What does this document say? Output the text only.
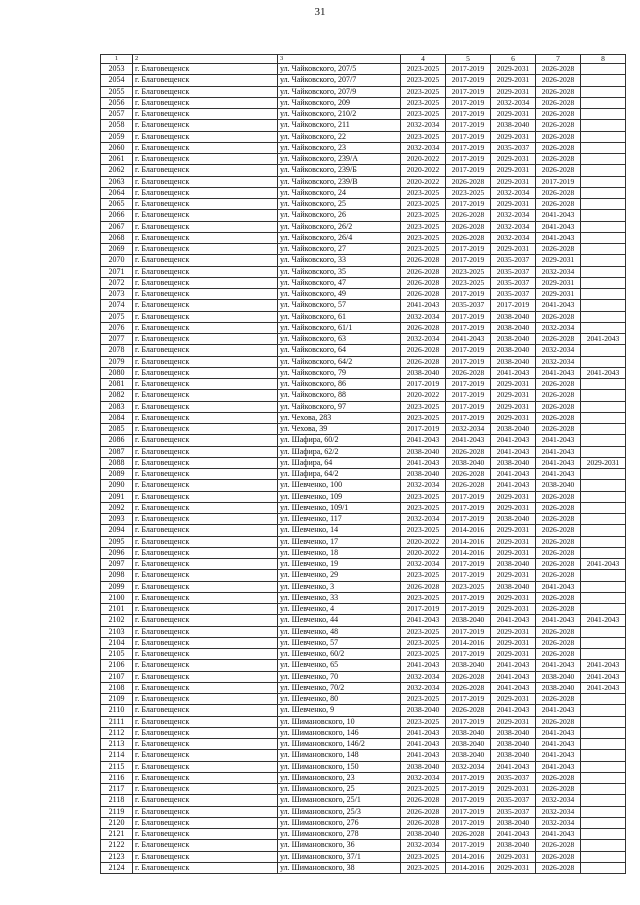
31
1	2	3	4	5	6	7	8
2053	г. Благовещенск	ул. Чайковского, 207/5	2023-2025	2017-2019	2029-2031	2026-2028	
2054	г. Благовещенск	ул. Чайковского, 207/7	2023-2025	2017-2019	2029-2031	2026-2028	
2055	г. Благовещенск	ул. Чайковского, 207/9	2023-2025	2017-2019	2029-2031	2026-2028	
2056	г. Благовещенск	ул. Чайковского, 209	2023-2025	2017-2019	2032-2034	2026-2028	
2057	г. Благовещенск	ул. Чайковского, 210/2	2023-2025	2017-2019	2029-2031	2026-2028	
2058	г. Благовещенск	ул. Чайковского, 211	2032-2034	2017-2019	2038-2040	2026-2028	
2059	г. Благовещенск	ул. Чайковского, 22	2023-2025	2017-2019	2029-2031	2026-2028	
2060	г. Благовещенск	ул. Чайковского, 23	2032-2034	2017-2019	2035-2037	2026-2028	
2061	г. Благовещенск	ул. Чайковского, 239/А	2020-2022	2017-2019	2029-2031	2026-2028	
2062	г. Благовещенск	ул. Чайковского, 239/Б	2020-2022	2017-2019	2029-2031	2026-2028	
2063	г. Благовещенск	ул. Чайковского, 239/В	2020-2022	2026-2028	2029-2031	2017-2019	
2064	г. Благовещенск	ул. Чайковского, 24	2023-2025	2023-2025	2032-2034	2026-2028	
2065	г. Благовещенск	ул. Чайковского, 25	2023-2025	2017-2019	2029-2031	2026-2028	
2066	г. Благовещенск	ул. Чайковского, 26	2023-2025	2026-2028	2032-2034	2041-2043	
2067	г. Благовещенск	ул. Чайковского, 26/2	2023-2025	2026-2028	2032-2034	2041-2043	
2068	г. Благовещенск	ул. Чайковского, 26/4	2023-2025	2026-2028	2032-2034	2041-2043	
2069	г. Благовещенск	ул. Чайковского, 27	2023-2025	2017-2019	2029-2031	2026-2028	
2070	г. Благовещенск	ул. Чайковского, 33	2026-2028	2017-2019	2035-2037	2029-2031	
2071	г. Благовещенск	ул. Чайковского, 35	2026-2028	2023-2025	2035-2037	2032-2034	
2072	г. Благовещенск	ул. Чайковского, 47	2026-2028	2023-2025	2035-2037	2029-2031	
2073	г. Благовещенск	ул. Чайковского, 49	2026-2028	2017-2019	2035-2037	2029-2031	
2074	г. Благовещенск	ул. Чайковского, 57	2041-2043	2035-2037	2017-2019	2041-2043	
2075	г. Благовещенск	ул. Чайковского, 61	2032-2034	2017-2019	2038-2040	2026-2028	
2076	г. Благовещенск	ул. Чайковского, 61/1	2026-2028	2017-2019	2038-2040	2032-2034	
2077	г. Благовещенск	ул. Чайковского, 63	2032-2034	2041-2043	2038-2040	2026-2028	2041-2043
2078	г. Благовещенск	ул. Чайковского, 64	2026-2028	2017-2019	2038-2040	2032-2034	
2079	г. Благовещенск	ул. Чайковского, 64/2	2026-2028	2017-2019	2038-2040	2032-2034	
2080	г. Благовещенск	ул. Чайковского, 79	2038-2040	2026-2028	2041-2043	2041-2043	2041-2043
2081	г. Благовещенск	ул. Чайковского, 86	2017-2019	2017-2019	2029-2031	2026-2028	
2082	г. Благовещенск	ул. Чайковского, 88	2020-2022	2017-2019	2029-2031	2026-2028	
2083	г. Благовещенск	ул. Чайковского, 97	2023-2025	2017-2019	2029-2031	2026-2028	
2084	г. Благовещенск	ул. Чехова, 283	2023-2025	2017-2019	2029-2031	2026-2028	
2085	г. Благовещенск	ул. Чехова, 39	2017-2019	2032-2034	2038-2040	2026-2028	
2086	г. Благовещенск	ул. Шафира, 60/2	2041-2043	2041-2043	2041-2043	2041-2043	
2087	г. Благовещенск	ул. Шафира, 62/2	2038-2040	2026-2028	2041-2043	2041-2043	
2088	г. Благовещенск	ул. Шафира, 64	2041-2043	2038-2040	2038-2040	2041-2043	2029-2031
2089	г. Благовещенск	ул. Шафира, 64/2	2038-2040	2026-2028	2041-2043	2041-2043	
2090	г. Благовещенск	ул. Шевченко, 100	2032-2034	2026-2028	2041-2043	2038-2040	
2091	г. Благовещенск	ул. Шевченко, 109	2023-2025	2017-2019	2029-2031	2026-2028	
2092	г. Благовещенск	ул. Шевченко, 109/1	2023-2025	2017-2019	2029-2031	2026-2028	
2093	г. Благовещенск	ул. Шевченко, 117	2032-2034	2017-2019	2038-2040	2026-2028	
2094	г. Благовещенск	ул. Шевченко, 14	2023-2025	2014-2016	2029-2031	2026-2028	
2095	г. Благовещенск	ул. Шевченко, 17	2020-2022	2014-2016	2029-2031	2026-2028	
2096	г. Благовещенск	ул. Шевченко, 18	2020-2022	2014-2016	2029-2031	2026-2028	
2097	г. Благовещенск	ул. Шевченко, 19	2032-2034	2017-2019	2038-2040	2026-2028	2041-2043
2098	г. Благовещенск	ул. Шевченко, 29	2023-2025	2017-2019	2029-2031	2026-2028	
2099	г. Благовещенск	ул. Шевченко, 3	2026-2028	2023-2025	2038-2040	2041-2043	
2100	г. Благовещенск	ул. Шевченко, 33	2023-2025	2017-2019	2029-2031	2026-2028	
2101	г. Благовещенск	ул. Шевченко, 4	2017-2019	2017-2019	2029-2031	2026-2028	
2102	г. Благовещенск	ул. Шевченко, 44	2041-2043	2038-2040	2041-2043	2041-2043	2041-2043
2103	г. Благовещенск	ул. Шевченко, 48	2023-2025	2017-2019	2029-2031	2026-2028	
2104	г. Благовещенск	ул. Шевченко, 57	2023-2025	2014-2016	2029-2031	2026-2028	
2105	г. Благовещенск	ул. Шевченко, 60/2	2023-2025	2017-2019	2029-2031	2026-2028	
2106	г. Благовещенск	ул. Шевченко, 65	2041-2043	2038-2040	2041-2043	2041-2043	2041-2043
2107	г. Благовещенск	ул. Шевченко, 70	2032-2034	2026-2028	2041-2043	2038-2040	2041-2043
2108	г. Благовещенск	ул. Шевченко, 70/2	2032-2034	2026-2028	2041-2043	2038-2040	2041-2043
2109	г. Благовещенск	ул. Шевченко, 80	2023-2025	2017-2019	2029-2031	2026-2028	
2110	г. Благовещенск	ул. Шевченко, 9	2038-2040	2026-2028	2041-2043	2041-2043	
2111	г. Благовещенск	ул. Шимановского, 10	2023-2025	2017-2019	2029-2031	2026-2028	
2112	г. Благовещенск	ул. Шимановского, 146	2041-2043	2038-2040	2038-2040	2041-2043	
2113	г. Благовещенск	ул. Шимановского, 146/2	2041-2043	2038-2040	2038-2040	2041-2043	
2114	г. Благовещенск	ул. Шимановского, 148	2041-2043	2038-2040	2038-2040	2041-2043	
2115	г. Благовещенск	ул. Шимановского, 150	2038-2040	2032-2034	2041-2043	2041-2043	
2116	г. Благовещенск	ул. Шимановского, 23	2032-2034	2017-2019	2035-2037	2026-2028	
2117	г. Благовещенск	ул. Шимановского, 25	2023-2025	2017-2019	2029-2031	2026-2028	
2118	г. Благовещенск	ул. Шимановского, 25/1	2026-2028	2017-2019	2035-2037	2032-2034	
2119	г. Благовещенск	ул. Шимановского, 25/3	2026-2028	2017-2019	2035-2037	2032-2034	
2120	г. Благовещенск	ул. Шимановского, 276	2026-2028	2017-2019	2038-2040	2032-2034	
2121	г. Благовещенск	ул. Шимановского, 278	2038-2040	2026-2028	2041-2043	2041-2043	
2122	г. Благовещенск	ул. Шимановского, 36	2032-2034	2017-2019	2038-2040	2026-2028	
2123	г. Благовещенск	ул. Шимановского, 37/1	2023-2025	2014-2016	2029-2031	2026-2028	
2124	г. Благовещенск	ул. Шимановского, 38	2023-2025	2014-2016	2029-2031	2026-2028	
